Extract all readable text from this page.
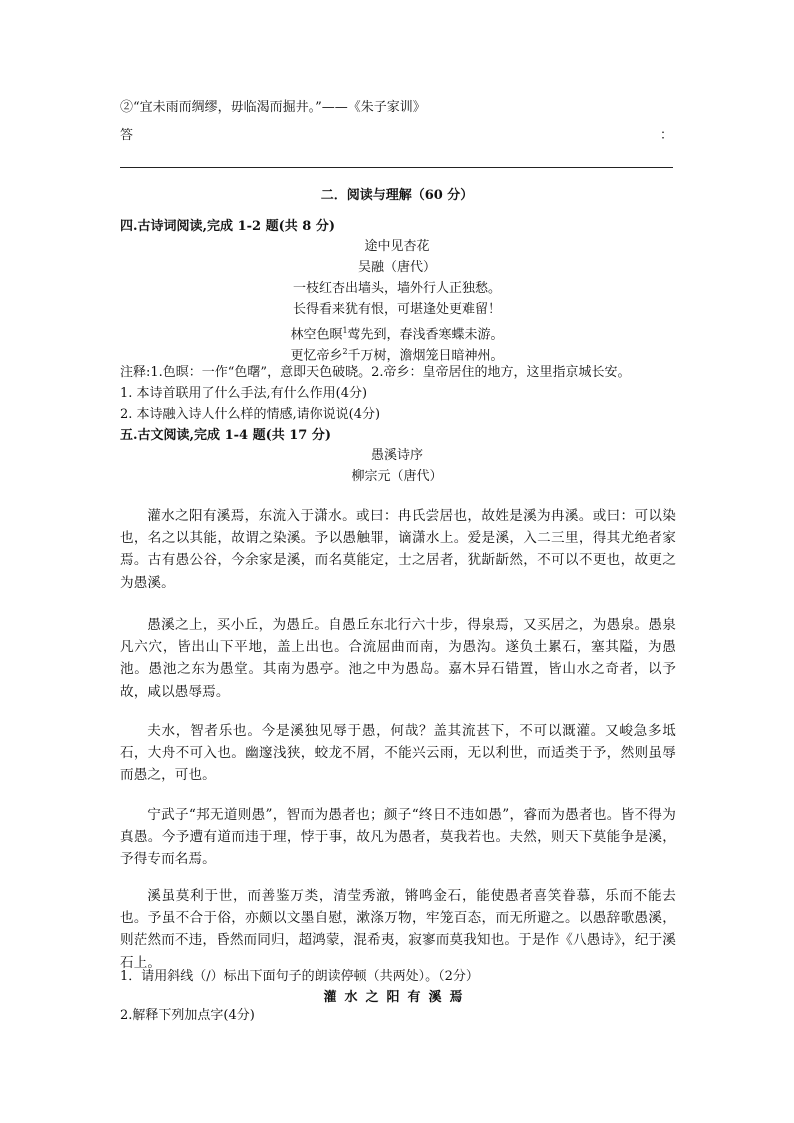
②“宜未雨而绸缪，毋临渴而掘井。”——《朱子家训》
答	：
二．阅读与理解（60 分）
四.古诗词阅读,完成 1-2 题(共 8 分)
途中见杏花
吴融（唐代）
一枝红杏出墙头，墙外行人正独愁。
长得看来犹有恨，可堪逢处更难留！
林空色暝$^1$莺先到，春浅香寒蝶未游。
更忆帝乡$^2$千万树，澹烟笼日暗神州。
注释:1.色暝：一作“色曙”，意即天色破晓。2.帝乡：皇帝居住的地方，这里指京城长安。
1. 本诗首联用了什么手法,有什么作用(4分)
2. 本诗融入诗人什么样的情感,请你说说(4分)
五.古文阅读,完成 1-4 题(共 17 分)
愚溪诗序
柳宗元（唐代）
灌水之阳有溪焉，东流入于潇水。或曰：冉氏尝居也，故姓是溪为冉溪。或曰：可以染也，名之以其能，故谓之染溪。予以愚触罪，谪潇水上。爱是溪，入二三里，得其尤绝者家焉。古有愚公谷，今余家是溪，而名莫能定，士之居者，犹龂龂然，不可以不更也，故更之为愚溪。
愚溪之上，买小丘，为愚丘。自愚丘东北行六十步，得泉焉，又买居之，为愚泉。愚泉凡六穴，皆出山下平地，盖上出也。合流屈曲而南，为愚沟。遂负土累石，塞其隘，为愚池。愚池之东为愚堂。其南为愚亭。池之中为愚岛。嘉木异石错置，皆山水之奇者，以予故，咸以愚辱焉。
夫水，智者乐也。今是溪独见辱于愚，何哉？盖其流甚下，不可以溉灌。又峻急多坻石，大舟不可入也。幽邃浅狭，蛟龙不屑，不能兴云雨，无以利世，而适类于予，然则虽辱而愚之，可也。
宁武子“邦无道则愚”，智而为愚者也；颜子“终日不违如愚”，睿而为愚者也。皆不得为真愚。今予遭有道而违于理，悖于事，故凡为愚者，莫我若也。夫然，则天下莫能争是溪，予得专而名焉。
溪虽莫利于世，而善鉴万类，清莹秀澈，锵鸣金石，能使愚者喜笑眷慕，乐而不能去也。予虽不合于俗，亦颇以文墨自慰，漱涤万物，牢笼百态，而无所避之。以愚辞歌愚溪，则茫然而不违，昏然而同归，超鸿蒙，混希夷，寂寥而莫我知也。于是作《八愚诗》，纪于溪石上。
1．请用斜线（/）标出下面句子的朗读停顿（共两处）。（2分）
灌水之阳有溪焉
2.解释下列加点字(4分)
